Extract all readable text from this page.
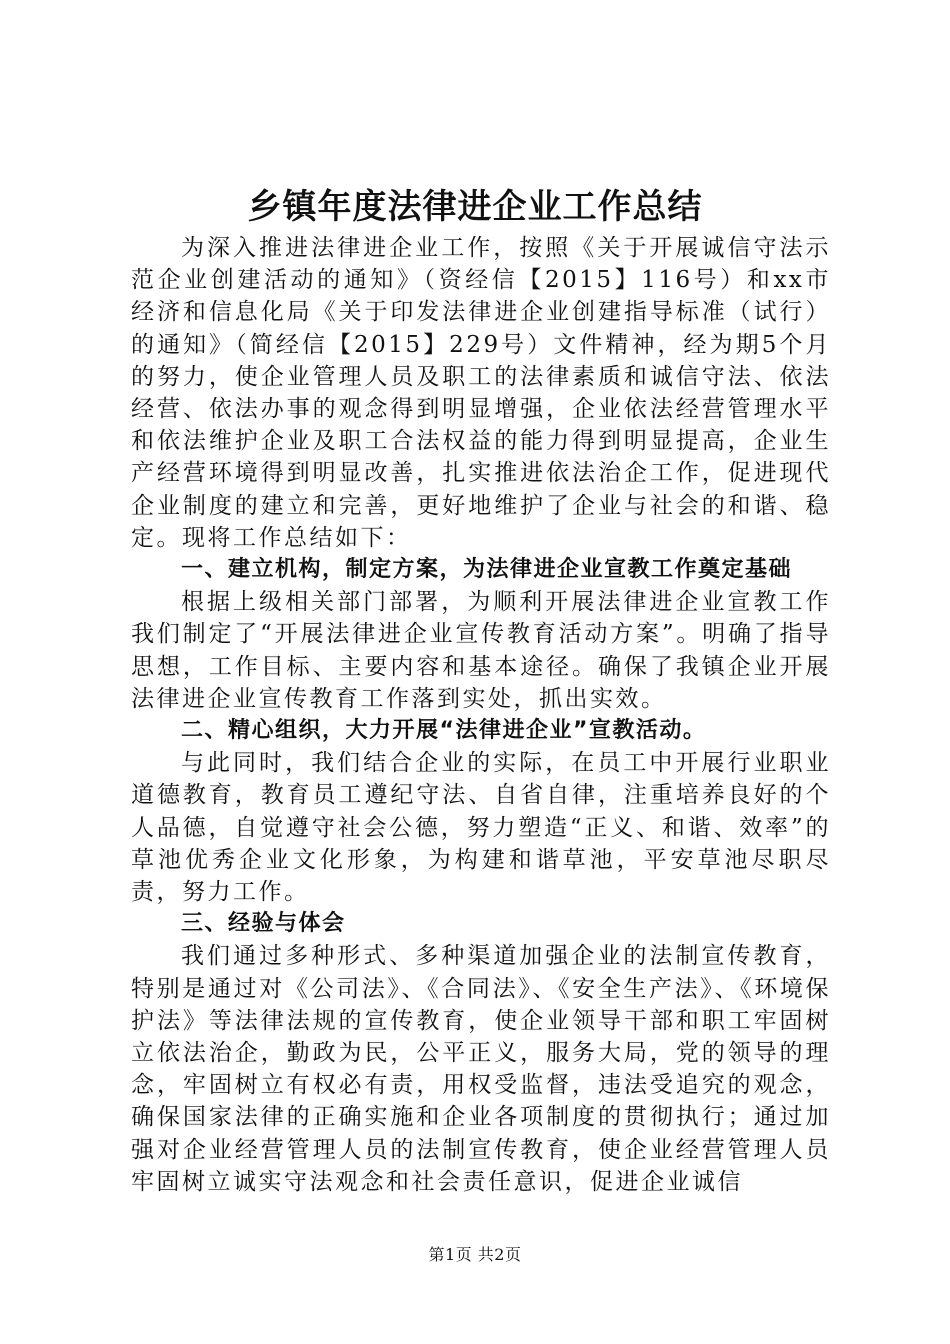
乡镇年度法律进企业工作总结

为深入推进法律进企业工作，按照《关于开展诚信守法示范企业创建活动的通知》（资经信【2015】116号）和xx市经济和信息化局《关于印发法律进企业创建指导标准（试行）的通知》（简经信【2015】229号）文件精神，经为期5个月的努力，使企业管理人员及职工的法律素质和诚信守法、依法经营、依法办事的观念得到明显增强，企业依法经营管理水平和依法维护企业及职工合法权益的能力得到明显提高，企业生产经营环境得到明显改善，扎实推进依法治企工作，促进现代企业制度的建立和完善，更好地维护了企业与社会的和谐、稳定。现将工作总结如下：

一、建立机构，制定方案，为法律进企业宣教工作奠定基础

根据上级相关部门部署，为顺利开展法律进企业宣教工作我们制定了“开展法律进企业宣传教育活动方案”。明确了指导思想，工作目标、主要内容和基本途径。确保了我镇企业开展法律进企业宣传教育工作落到实处，抓出实效。

二、精心组织，大力开展“法律进企业”宣教活动。

与此同时，我们结合企业的实际，在员工中开展行业职业道德教育，教育员工遵纪守法、自省自律，注重培养良好的个人品德，自觉遵守社会公德，努力塑造“正义、和谐、效率”的草池优秀企业文化形象，为构建和谐草池，平安草池尽职尽责，努力工作。

三、经验与体会

我们通过多种形式、多种渠道加强企业的法制宣传教育，特别是通过对《公司法》、《合同法》、《安全生产法》、《环境保护法》等法律法规的宣传教育，使企业领导干部和职工牢固树立依法治企，勤政为民，公平正义，服务大局，党的领导的理念，牢固树立有权必有责，用权受监督，违法受追究的观念，确保国家法律的正确实施和企业各项制度的贯彻执行；通过加强对企业经营管理人员的法制宣传教育，使企业经营管理人员牢固树立诚实守法观念和社会责任意识，促进企业诚信

第1页 共2页
